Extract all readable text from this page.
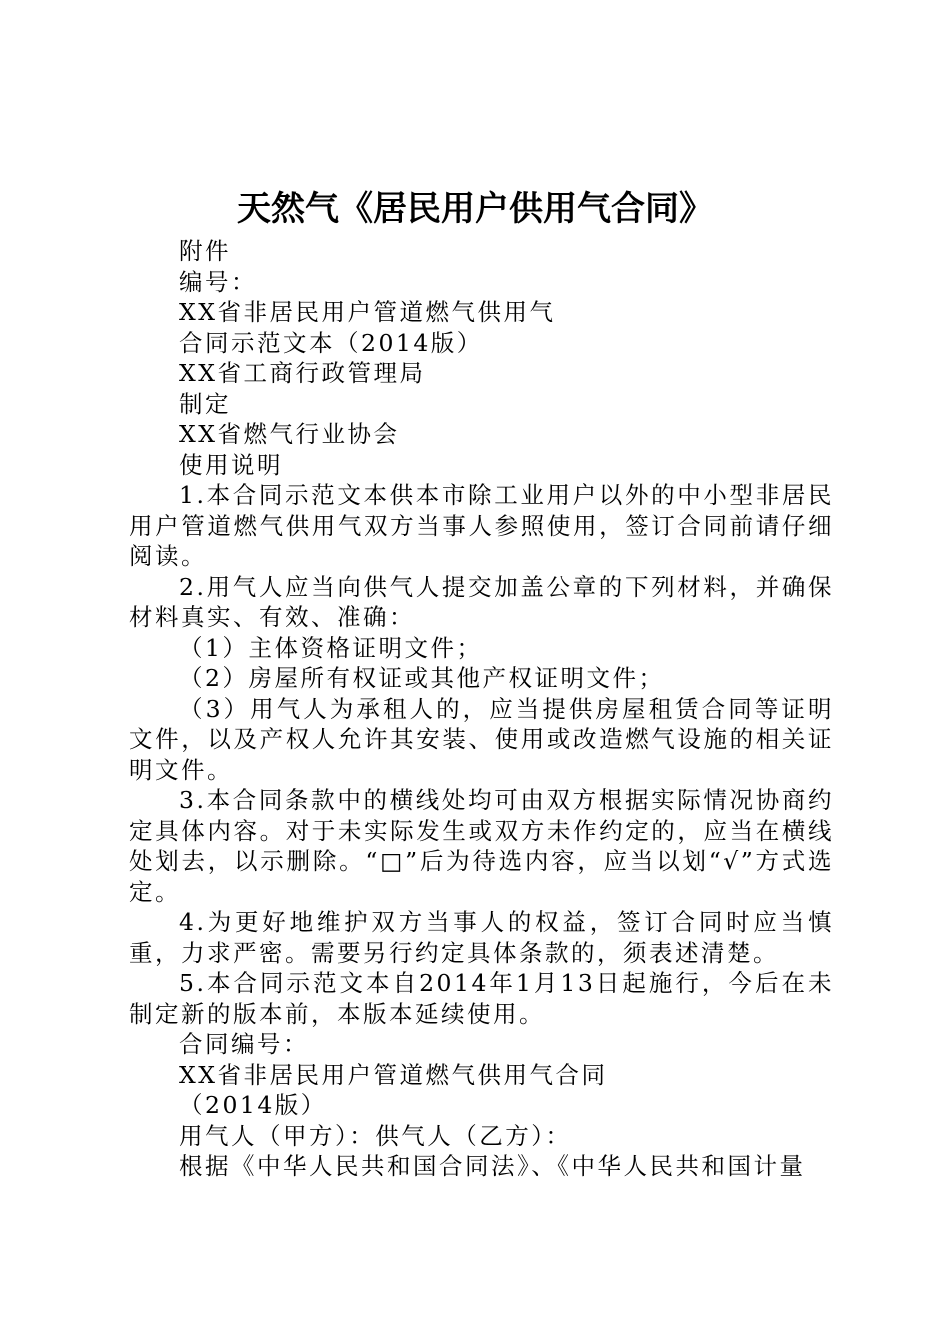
天然气《居民用户供用气合同》

附件

编号：

XX省非居民用户管道燃气供用气

合同示范文本（2014版）

XX省工商行政管理局

制定

XX省燃气行业协会

使用说明

1.本合同示范文本供本市除工业用户以外的中小型非居民用户管道燃气供用气双方当事人参照使用，签订合同前请仔细阅读。

2.用气人应当向供气人提交加盖公章的下列材料，并确保材料真实、有效、准确：

（1）主体资格证明文件；

（2）房屋所有权证或其他产权证明文件；

（3）用气人为承租人的，应当提供房屋租赁合同等证明文件，以及产权人允许其安装、使用或改造燃气设施的相关证明文件。

3.本合同条款中的横线处均可由双方根据实际情况协商约定具体内容。对于未实际发生或双方未作约定的，应当在横线处划去，以示删除。“□”后为待选内容，应当以划“√”方式选定。

4.为更好地维护双方当事人的权益，签订合同时应当慎重，力求严密。需要另行约定具体条款的，须表述清楚。

5.本合同示范文本自2014年1月13日起施行，今后在未制定新的版本前，本版本延续使用。

合同编号：

XX省非居民用户管道燃气供用气合同

（2014版）

用气人（甲方）：供气人（乙方）：

根据《中华人民共和国合同法》、《中华人民共和国计量
